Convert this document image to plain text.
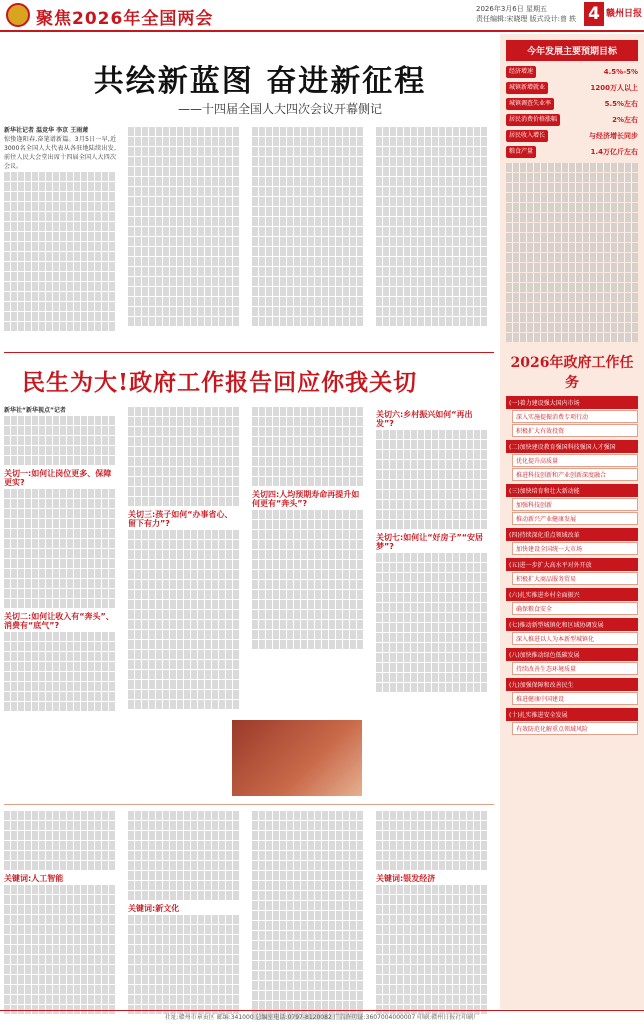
聚焦2026年全国两会	2026年3月6日 星期五
责任编辑:宋晓理 版式设计:曾 轶 4 赣州日报
共绘新蓝图 奋进新征程
——十四届全国人大四次会议开幕侧记
新华社记者 温竞华 李京 王雨萧
惊蛰逢阳春,奋笔谱新篇。3月5日一早,近3000名全国人大代表从各驻地陆续出发,前往人民大会堂出席十四届全国人大四次会议。
民生为大!政府工作报告回应你我关切
新华社“新华视点”记者
关切一:如何让岗位更多、保障更实?
关切二:如何让收入有“奔头”、消费有“底气”?
关切三:孩子如何“办事省心、留下有力”?
关切四:人均预期寿命再提升如何更有“奔头”?
关切六:乡村振兴如何“再出发”?
关切七:如何让“好房子”“安居梦”?
关键词:人工智能
关键词:新文化
关键词:银发经济
今年发展主要预期目标
经济增速	4.5%-5%
城镇新增就业	1200万人以上
城镇调查失业率	5.5%左右
居民消费价格涨幅	2%左右
居民收入增长	与经济增长同步
粮食产量	1.4万亿斤左右
2026年政府工作任务
(一)着力建设强大国内市场
深入实施提振消费专项行动
积极扩大有效投资
(二)加快建设教育强国科技强国人才强国
优化提升高质量
推进科技创新和产业创新深度融合
(三)加快培育和壮大新动能
加强科技创新
推动新兴产业健康发展
(四)持续深化重点领域改革
加快建设全国统一大市场
(五)进一步扩大高水平对外开放
积极扩大商品服务贸易
(六)扎实推进乡村全面振兴
确保粮食安全
(七)推动新型城镇化和区域协调发展
深入推进以人为本新型城镇化
(八)加快推动绿色低碳发展
持续改善生态环境质量
(九)加强保障和改善民生
推进健康中国建设
(十)扎实推进安全发展
有效防范化解重点领域风险
社址:赣州市章贡区 邮编:341000 总编室电话:0797-8120082 广告许可证:3607004000007 印刷:赣州日报社印刷厂
